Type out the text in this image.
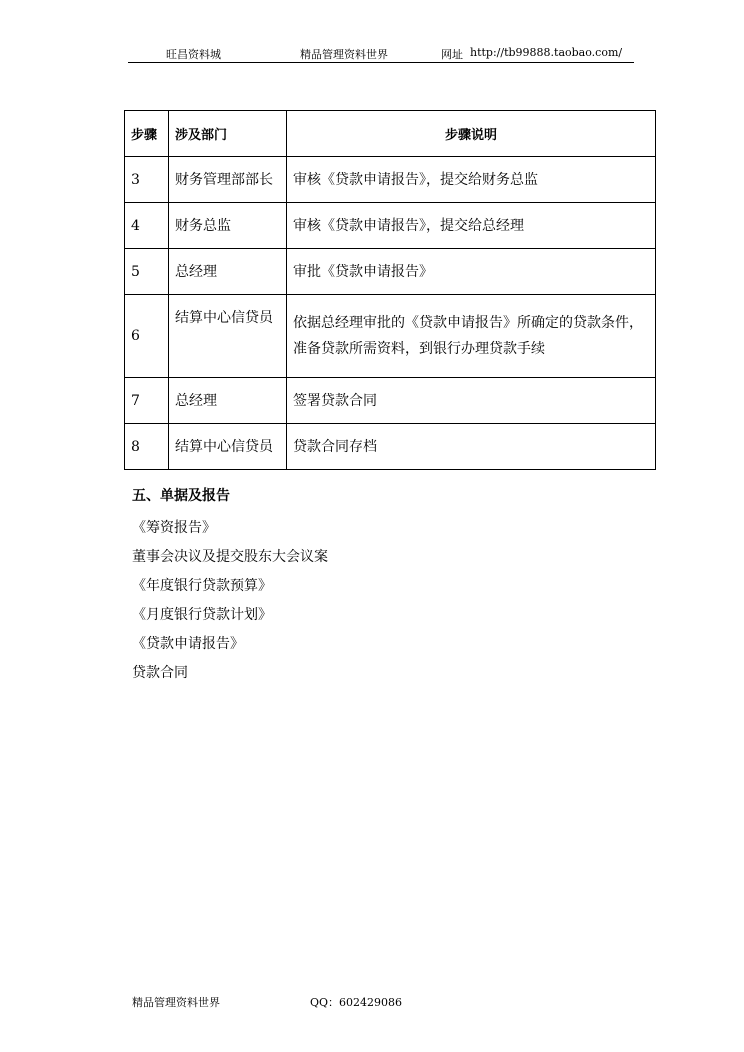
旺昌资料城	精品管理资料世界	网址 http://tb99888.taobao.com/
步骤	涉及部门	步骤说明
3	财务管理部部长	审核《贷款申请报告》，提交给财务总监
4	财务总监	审核《贷款申请报告》，提交给总经理
5	总经理	审批《贷款申请报告》
6	结算中心信贷员	依据总经理审批的《贷款申请报告》所确定的贷款条件，准备贷款所需资料，到银行办理贷款手续
7	总经理	签署贷款合同
8	结算中心信贷员	贷款合同存档
五、单据及报告
《筹资报告》
董事会决议及提交股东大会议案
《年度银行贷款预算》
《月度银行贷款计划》
《贷款申请报告》
贷款合同
精品管理资料世界	QQ：602429086
